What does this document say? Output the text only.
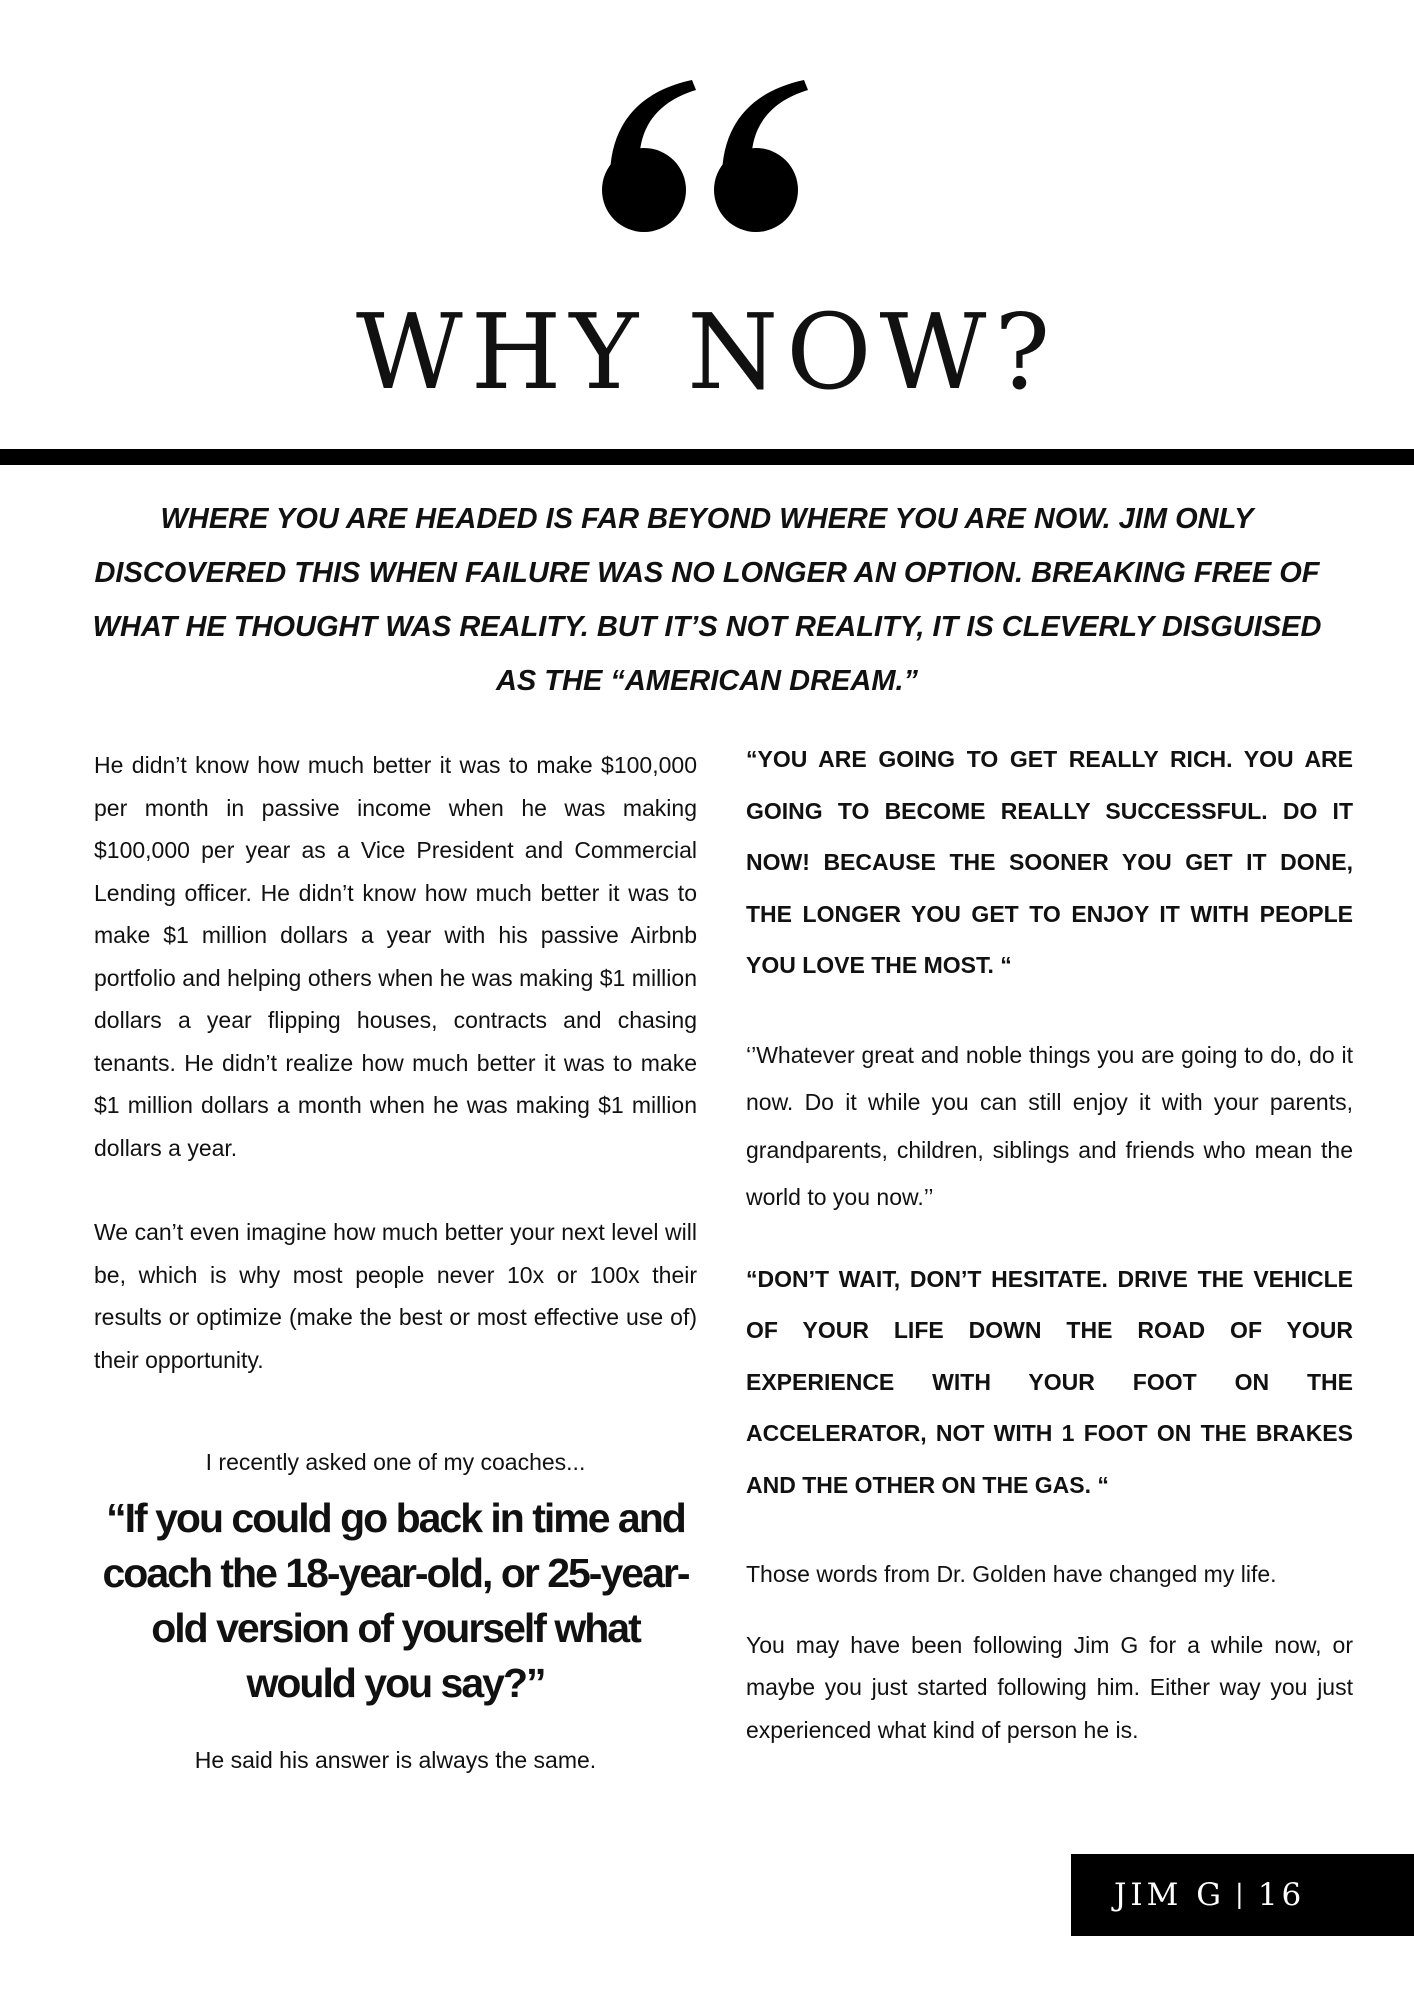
WHY NOW?

WHERE YOU ARE HEADED IS FAR BEYOND WHERE YOU ARE NOW. JIM ONLY DISCOVERED THIS WHEN FAILURE WAS NO LONGER AN OPTION. BREAKING FREE OF WHAT HE THOUGHT WAS REALITY. BUT IT’S NOT REALITY, IT IS CLEVERLY DISGUISED AS THE “AMERICAN DREAM.”

He didn’t know how much better it was to make $100,000 per month in passive income when he was making $100,000 per year as a Vice President and Commercial Lending officer. He didn’t know how much better it was to make $1 million dollars a year with his passive Airbnb portfolio and helping others when he was making $1 million dollars a year flipping houses, contracts and chasing tenants. He didn’t realize how much better it was to make $1 million dollars a month when he was making $1 million dollars a year.

We can’t even imagine how much better your next level will be, which is why most people never 10x or 100x their results or optimize (make the best or most effective use of) their opportunity.

I recently asked one of my coaches...

“If you could go back in time and coach the 18-year-old, or 25-year-old version of yourself what would you say?”

He said his answer is always the same.

“YOU ARE GOING TO GET REALLY RICH. YOU ARE GOING TO BECOME REALLY SUCCESSFUL. DO IT NOW! BECAUSE THE SOONER YOU GET IT DONE, THE LONGER YOU GET TO ENJOY IT WITH PEOPLE YOU LOVE THE MOST. “

‘’Whatever great and noble things you are going to do, do it now. Do it while you can still enjoy it with your parents, grandparents, children, siblings and friends who mean the world to you now.’’

“DON’T WAIT, DON’T HESITATE. DRIVE THE VEHICLE OF YOUR LIFE DOWN THE ROAD OF YOUR EXPERIENCE WITH YOUR FOOT ON THE ACCELERATOR, NOT WITH 1 FOOT ON THE BRAKES AND THE OTHER ON THE GAS. “

Those words from Dr. Golden have changed my life.

You may have been following Jim G for a while now, or maybe you just started following him. Either way you just experienced what kind of person he is.

JIM G | 16
